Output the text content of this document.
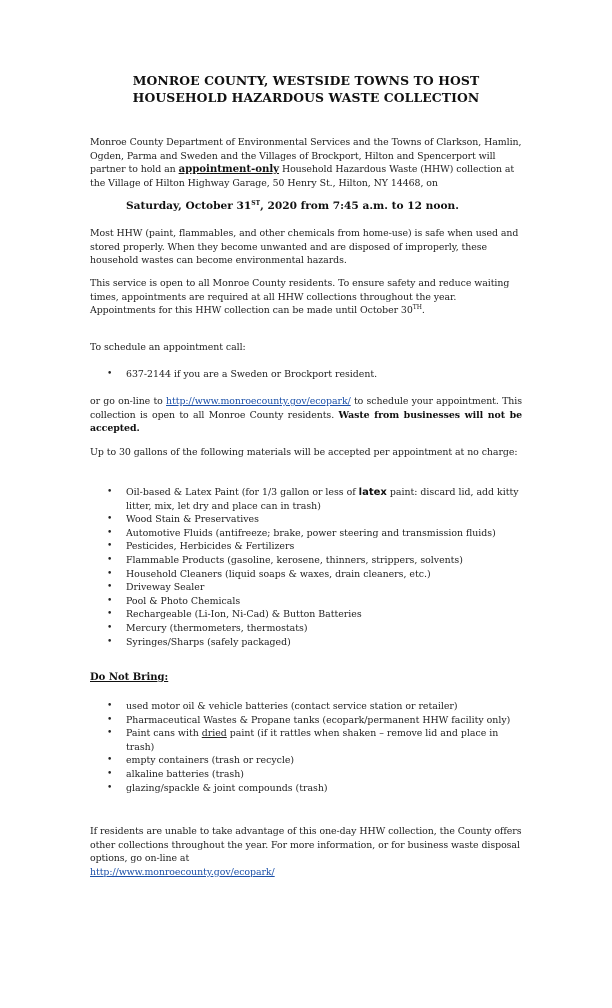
MONROE COUNTY, WESTSIDE TOWNS TO HOST
HOUSEHOLD HAZARDOUS WASTE COLLECTION
Monroe County Department of Environmental Services and the Towns of Clarkson, Hamlin, Ogden, Parma and Sweden and the Villages of Brockport, Hilton and Spencerport will partner to hold an appointment-only Household Hazardous Waste (HHW) collection at the Village of Hilton Highway Garage, 50 Henry St., Hilton, NY 14468, on
Saturday, October 31ST, 2020 from 7:45 a.m. to 12 noon.
Most HHW (paint, flammables, and other chemicals from home-use) is safe when used and stored properly. When they become unwanted and are disposed of improperly, these household wastes can become environmental hazards.
This service is open to all Monroe County residents. To ensure safety and reduce waiting times, appointments are required at all HHW collections throughout the year. Appointments for this HHW collection can be made until October 30TH.
To schedule an appointment call:
• 637-2144 if you are a Sweden or Brockport resident.
or go on-line to http://www.monroecounty.gov/ecopark/ to schedule your appointment. This collection is open to all Monroe County residents. Waste from businesses will not be accepted.
Up to 30 gallons of the following materials will be accepted per appointment at no charge:
• Oil-based & Latex Paint (for 1/3 gallon or less of latex paint: discard lid, add kitty litter, mix, let dry and place can in trash)
• Wood Stain & Preservatives
• Automotive Fluids (antifreeze; brake, power steering and transmission fluids)
• Pesticides, Herbicides & Fertilizers
• Flammable Products (gasoline, kerosene, thinners, strippers, solvents)
• Household Cleaners (liquid soaps & waxes, drain cleaners, etc.)
• Driveway Sealer
• Pool & Photo Chemicals
• Rechargeable (Li-Ion, Ni-Cad) & Button Batteries
• Mercury (thermometers, thermostats)
• Syringes/Sharps (safely packaged)
Do Not Bring:
• used motor oil & vehicle batteries (contact service station or retailer)
• Pharmaceutical Wastes & Propane tanks (ecopark/permanent HHW facility only)
• Paint cans with dried paint (if it rattles when shaken – remove lid and place in trash)
• empty containers (trash or recycle)
• alkaline batteries (trash)
• glazing/spackle & joint compounds (trash)
If residents are unable to take advantage of this one-day HHW collection, the County offers other collections throughout the year. For more information, or for business waste disposal options, go on-line at
http://www.monroecounty.gov/ecopark/
